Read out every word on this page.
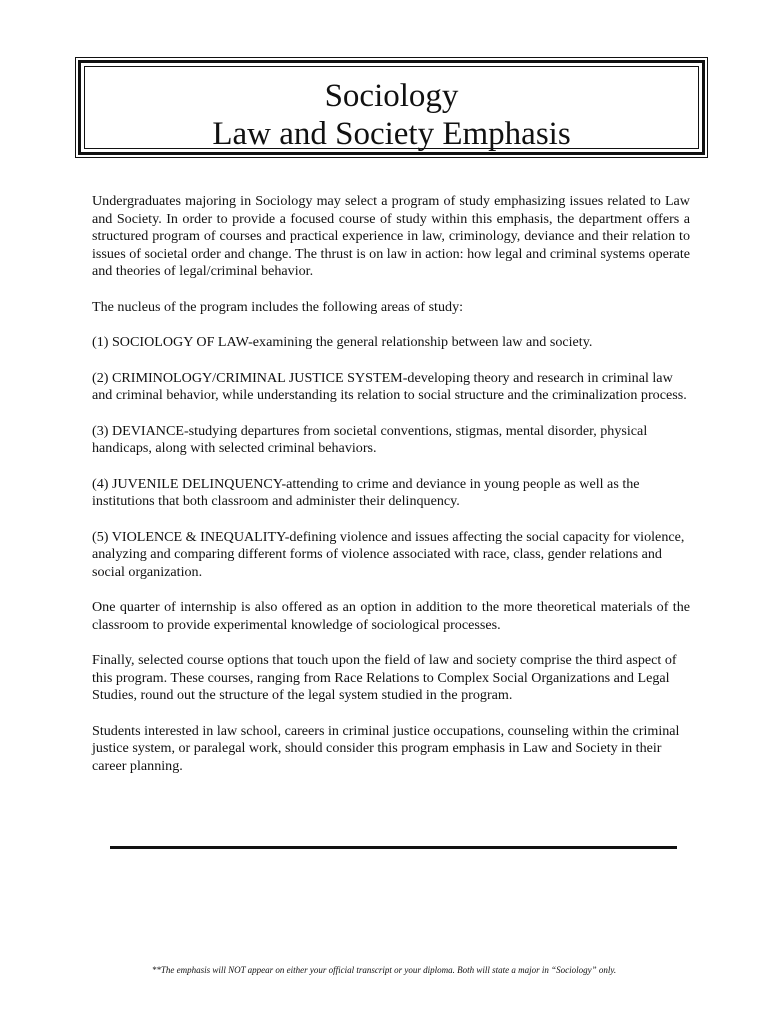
Sociology

Law and Society Emphasis

Undergraduates majoring in Sociology may select a program of study emphasizing issues related to Law and Society. In order to provide a focused course of study within this emphasis, the department offers a structured program of courses and practical experience in law, criminology, deviance and their relation to issues of societal order and change. The thrust is on law in action: how legal and criminal systems operate and theories of legal/criminal behavior.

The nucleus of the program includes the following areas of study:

(1) SOCIOLOGY OF LAW-examining the general relationship between law and society.

(2) CRIMINOLOGY/CRIMINAL JUSTICE SYSTEM-developing theory and research in criminal law and criminal behavior, while understanding its relation to social structure and the criminalization process.

(3) DEVIANCE-studying departures from societal conventions, stigmas, mental disorder, physical handicaps, along with selected criminal behaviors.

(4) JUVENILE DELINQUENCY-attending to crime and deviance in young people as well as the institutions that both classroom and administer their delinquency.

(5) VIOLENCE & INEQUALITY-defining violence and issues affecting the social capacity for violence, analyzing and comparing different forms of violence associated with race, class, gender relations and social organization.

One quarter of internship is also offered as an option in addition to the more theoretical materials of the classroom to provide experimental knowledge of sociological processes.

Finally, selected course options that touch upon the field of law and society comprise the third aspect of this program. These courses, ranging from Race Relations to Complex Social Organizations and Legal Studies, round out the structure of the legal system studied in the program.

Students interested in law school, careers in criminal justice occupations, counseling within the criminal justice system, or paralegal work, should consider this program emphasis in Law and Society in their career planning.

**The emphasis will NOT appear on either your official transcript or your diploma. Both will state a major in “Sociology” only.
